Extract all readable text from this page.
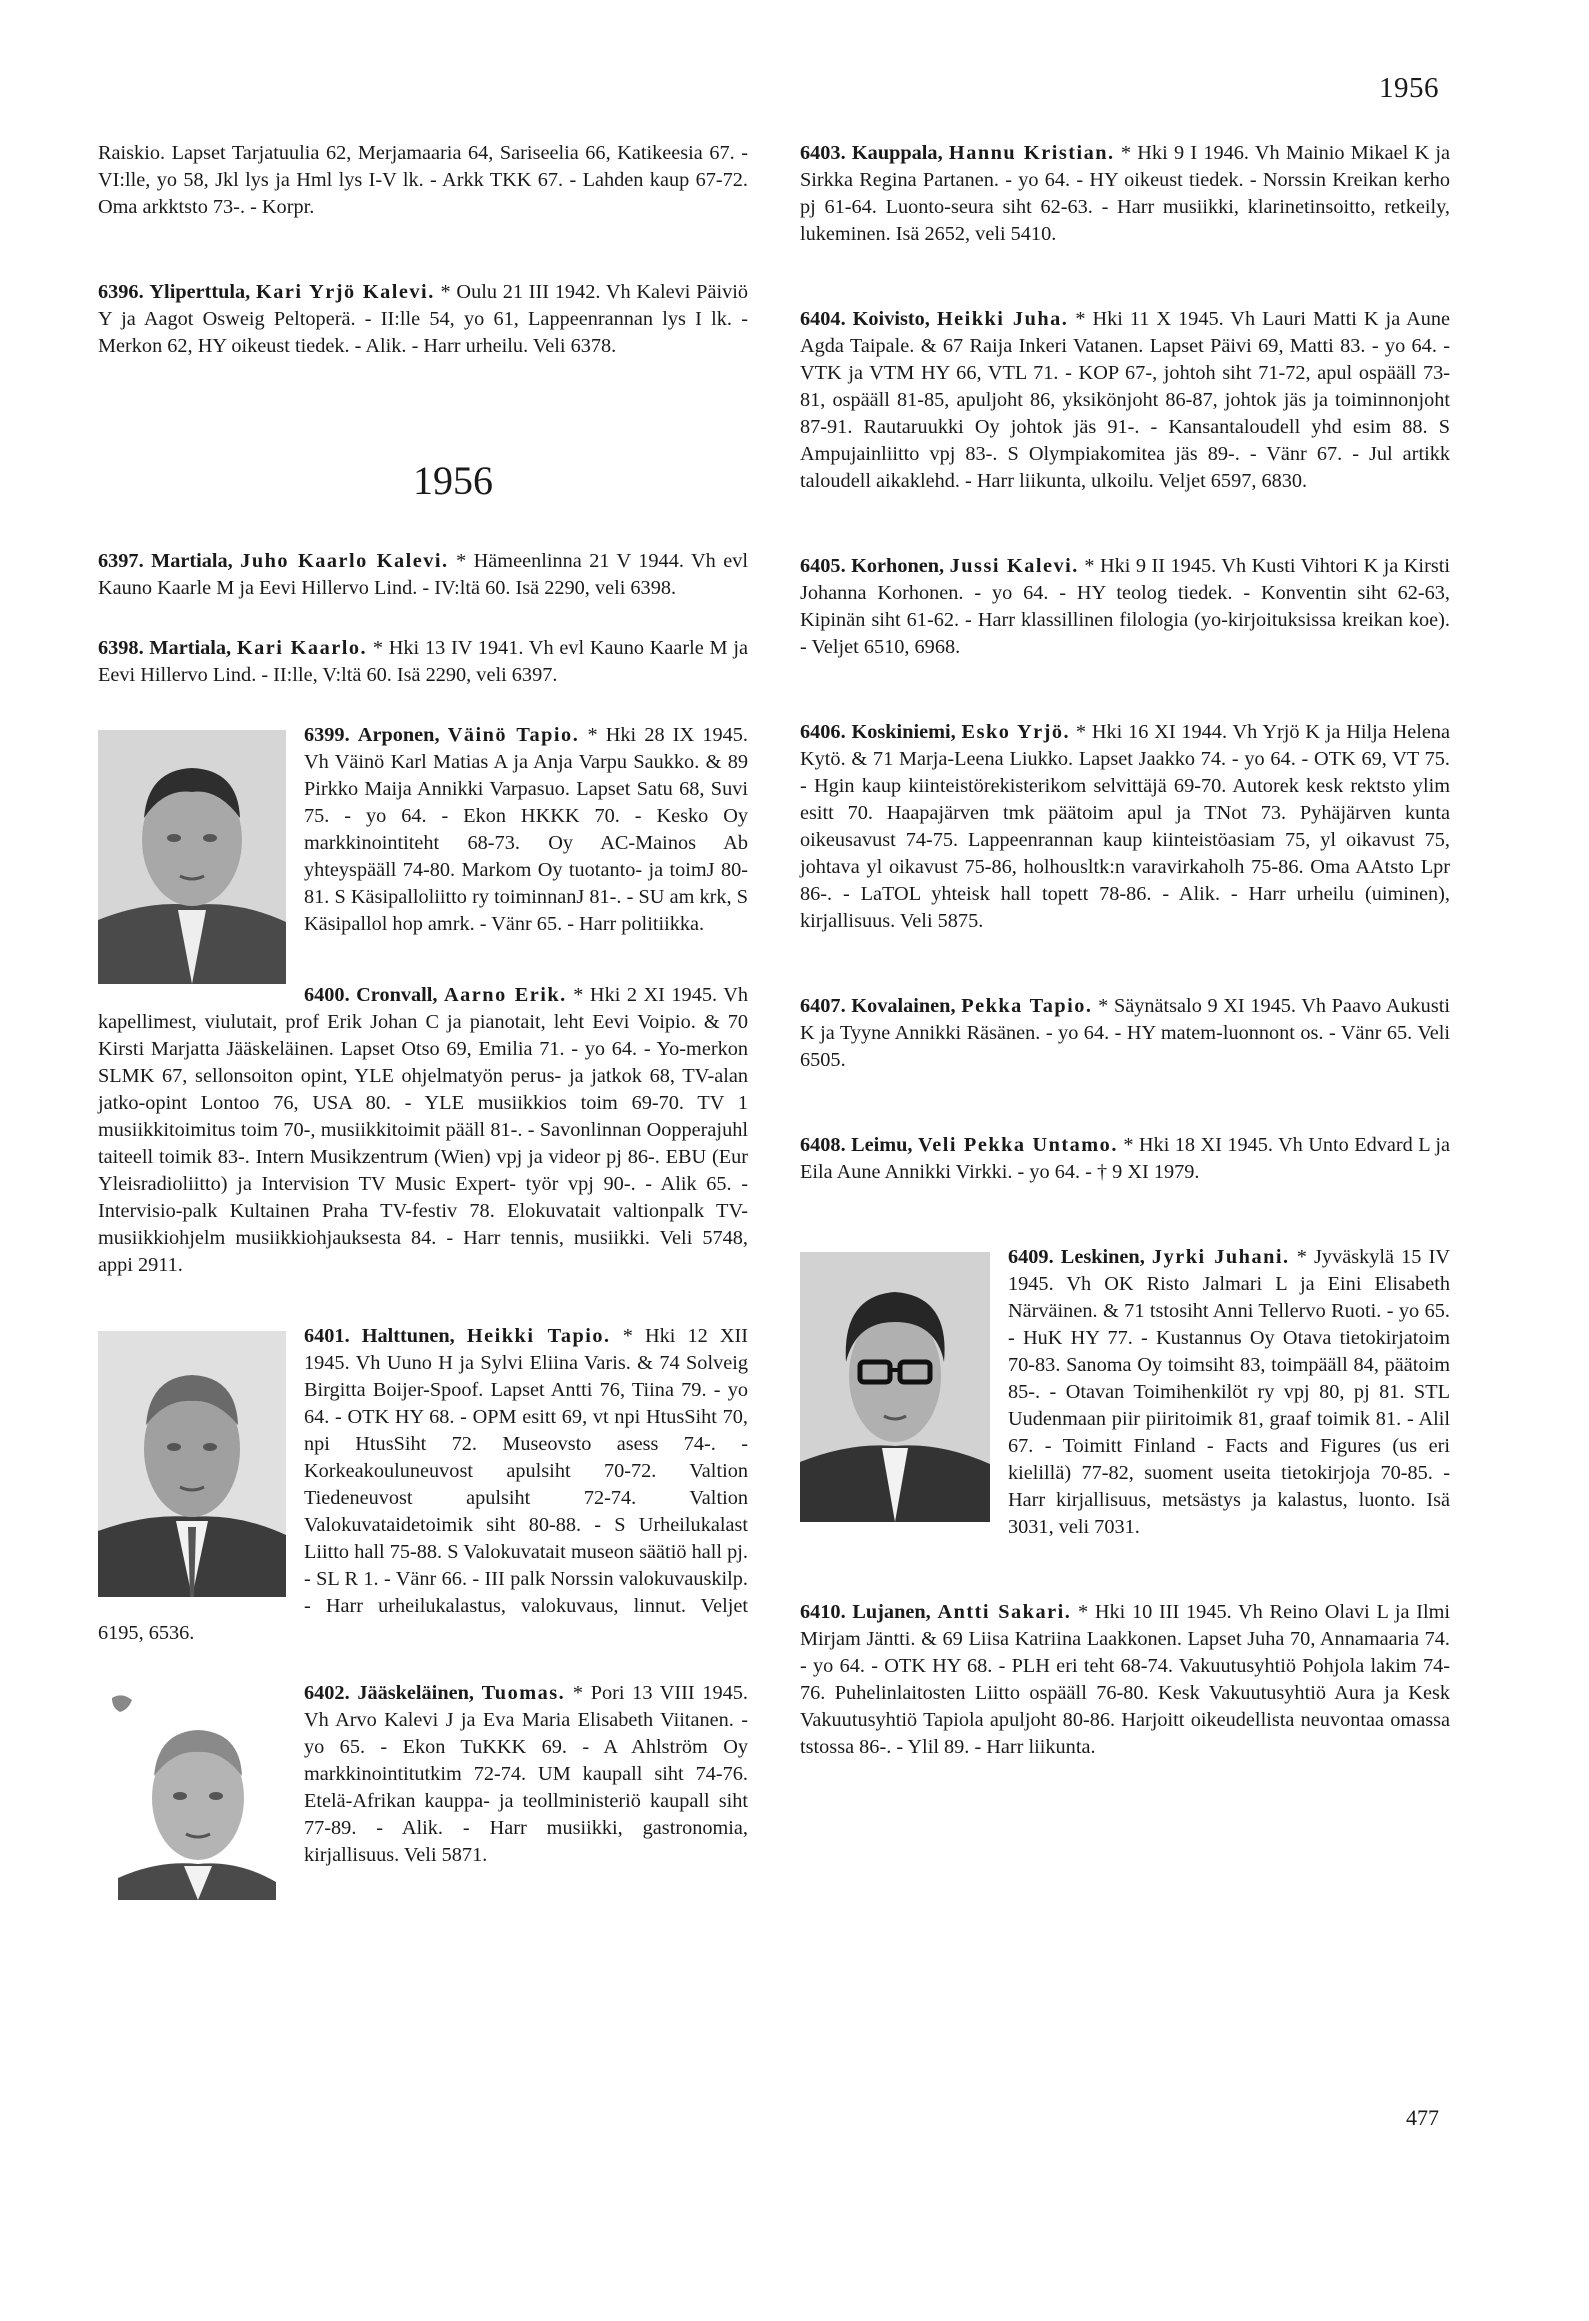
1956

Raiskio. Lapset Tarjatuulia 62, Merjamaaria 64, Sariseelia 66, Katikeesia 67. - VI:lle, yo 58, Jkl lys ja Hml lys I-V lk. - Arkk TKK 67. - Lahden kaup 67-72. Oma arkktsto 73-. - Korpr.

6396. Yliperttula, Kari Yrjö Kalevi. * Oulu 21 III 1942. Vh Kalevi Päiviö Y ja Aagot Osweig Peltoperä. - II:lle 54, yo 61, Lappeenrannan lys I lk. - Merkon 62, HY oikeust tiedek. - Alik. - Harr urheilu. Veli 6378.

1956

6397. Martiala, Juho Kaarlo Kalevi. * Hämeenlinna 21 V 1944. Vh evl Kauno Kaarle M ja Eevi Hillervo Lind. - IV:ltä 60. Isä 2290, veli 6398.

6398. Martiala, Kari Kaarlo. * Hki 13 IV 1941. Vh evl Kauno Kaarle M ja Eevi Hillervo Lind. - II:lle, V:ltä 60. Isä 2290, veli 6397.

6399. Arponen, Väinö Tapio. * Hki 28 IX 1945. Vh Väinö Karl Matias A ja Anja Varpu Saukko. & 89 Pirkko Maija Annikki Varpasuo. Lapset Satu 68, Suvi 75. - yo 64. - Ekon HKKK 70. - Kesko Oy markkinointiteht 68-73. Oy AC-Mainos Ab yhteyspääll 74-80. Markom Oy tuotanto- ja toimJ 80-81. S Käsipalloliitto ry toiminnanJ 81-. - SU am krk, S Käsipallol hop amrk. - Vänr 65. - Harr politiikka.

6400. Cronvall, Aarno Erik. * Hki 2 XI 1945. Vh kapellimest, viulutait, prof Erik Johan C ja pianotait, leht Eevi Voipio. & 70 Kirsti Marjatta Jääskeläinen. Lapset Otso 69, Emilia 71. - yo 64. - Yo-merkon SLMK 67, sellonsoiton opint, YLE ohjelmatyön perus- ja jatkok 68, TV-alan jatko-opint Lontoo 76, USA 80. - YLE musiikkios toim 69-70. TV 1 musiikkitoimitus toim 70-, musiikkitoimit pääll 81-. - Savonlinnan Oopperajuhl taiteell toimik 83-. Intern Musikzentrum (Wien) vpj ja videor pj 86-. EBU (Eur Yleisradioliitto) ja Intervision TV Music Expert- työr vpj 90-. - Alik 65. - Intervisio-palk Kultainen Praha TV-festiv 78. Elokuvatait valtionpalk TV-musiikkiohjelm musiikkiohjauksesta 84. - Harr tennis, musiikki. Veli 5748, appi 2911.

6401. Halttunen, Heikki Tapio. * Hki 12 XII 1945. Vh Uuno H ja Sylvi Eliina Varis. & 74 Solveig Birgitta Boijer-Spoof. Lapset Antti 76, Tiina 79. - yo 64. - OTK HY 68. - OPM esitt 69, vt npi HtusSiht 70, npi HtusSiht 72. Museovsto asess 74-. - Korkeakouluneuvost apulsiht 70-72. Valtion Tiedeneuvost apulsiht 72-74. Valtion Valokuvataidetoimik siht 80-88. - S Urheilukalast Liitto hall 75-88. S Valokuvatait museon säätiö hall pj. - SL R 1. - Vänr 66. - III palk Norssin valokuvauskilp. - Harr urheilukalastus, valokuvaus, linnut. Veljet 6195, 6536.
6402. Jääskeläinen, Tuomas. * Pori 13 VIII 1945. Vh Arvo Kalevi J ja Eva Maria Elisabeth Viitanen. - yo 65. - Ekon TuKKK 69. - A Ahlström Oy markkinointitutkim 72-74. UM kaupall siht 74-76. Etelä-Afrikan kauppa- ja teollministeriö kaupall siht 77-89. - Alik. - Harr musiikki, gastronomia, kirjallisuus. Veli 5871.

6403. Kauppala, Hannu Kristian. * Hki 9 I 1946. Vh Mainio Mikael K ja Sirkka Regina Partanen. - yo 64. - HY oikeust tiedek. - Norssin Kreikan kerho pj 61-64. Luonto-seura siht 62-63. - Harr musiikki, klarinetinsoitto, retkeily, lukeminen. Isä 2652, veli 5410.

6404. Koivisto, Heikki Juha. * Hki 11 X 1945. Vh Lauri Matti K ja Aune Agda Taipale. & 67 Raija Inkeri Vatanen. Lapset Päivi 69, Matti 83. - yo 64. - VTK ja VTM HY 66, VTL 71. - KOP 67-, johtoh siht 71-72, apul ospääll 73-81, ospääll 81-85, apuljoht 86, yksikönjoht 86-87, johtok jäs ja toiminnonjoht 87-91. Rautaruukki Oy johtok jäs 91-. - Kansantaloudell yhd esim 88. S Ampujainliitto vpj 83-. S Olympiakomitea jäs 89-. - Vänr 67. - Jul artikk taloudell aikaklehd. - Harr liikunta, ulkoilu. Veljet 6597, 6830.

6405. Korhonen, Jussi Kalevi. * Hki 9 II 1945. Vh Kusti Vihtori K ja Kirsti Johanna Korhonen. - yo 64. - HY teolog tiedek. - Konventin siht 62-63, Kipinän siht 61-62. - Harr klassillinen filologia (yo-kirjoituksissa kreikan koe). - Veljet 6510, 6968.

6406. Koskiniemi, Esko Yrjö. * Hki 16 XI 1944. Vh Yrjö K ja Hilja Helena Kytö. & 71 Marja-Leena Liukko. Lapset Jaakko 74. - yo 64. - OTK 69, VT 75. - Hgin kaup kiinteistörekisterikom selvittäjä 69-70. Autorek kesk rektsto ylim esitt 70. Haapajärven tmk päätoim apul ja TNot 73. Pyhäjärven kunta oikeusavust 74-75. Lappeenrannan kaup kiinteistöasiam 75, yl oikavust 75, johtava yl oikavust 75-86, holhousltk:n varavirkaholh 75-86. Oma AAtsto Lpr 86-. - LaTOL yhteisk hall topett 78-86. - Alik. - Harr urheilu (uiminen), kirjallisuus. Veli 5875.

6407. Kovalainen, Pekka Tapio. * Säynätsalo 9 XI 1945. Vh Paavo Aukusti K ja Tyyne Annikki Räsänen. - yo 64. - HY matem-luonnont os. - Vänr 65. Veli 6505.

6408. Leimu, Veli Pekka Untamo. * Hki 18 XI 1945. Vh Unto Edvard L ja Eila Aune Annikki Virkki. - yo 64. - † 9 XI 1979.

6409. Leskinen, Jyrki Juhani. * Jyväskylä 15 IV 1945. Vh OK Risto Jalmari L ja Eini Elisabeth Närväinen. & 71 tstosiht Anni Tellervo Ruoti. - yo 65. - HuK HY 77. - Kustannus Oy Otava tietokirjatoim 70-83. Sanoma Oy toimsiht 83, toimpääll 84, päätoim 85-. - Otavan Toimihenkilöt ry vpj 80, pj 81. STL Uudenmaan piir piiritoimik 81, graaf toimik 81. - Alil 67. - Toimitt Finland - Facts and Figures (us eri kielillä) 77-82, suoment useita tietokirjoja 70-85. - Harr kirjallisuus, metsästys ja kalastus, luonto. Isä 3031, veli 7031.

6410. Lujanen, Antti Sakari. * Hki 10 III 1945. Vh Reino Olavi L ja Ilmi Mirjam Jäntti. & 69 Liisa Katriina Laakkonen. Lapset Juha 70, Annamaaria 74. - yo 64. - OTK HY 68. - PLH eri teht 68-74. Vakuutusyhtiö Pohjola lakim 74-76. Puhelinlaitosten Liitto ospääll 76-80. Kesk Vakuutusyhtiö Aura ja Kesk Vakuutusyhtiö Tapiola apuljoht 80-86. Harjoitt oikeudellista neuvontaa omassa tstossa 86-. - Ylil 89. - Harr liikunta.

477
